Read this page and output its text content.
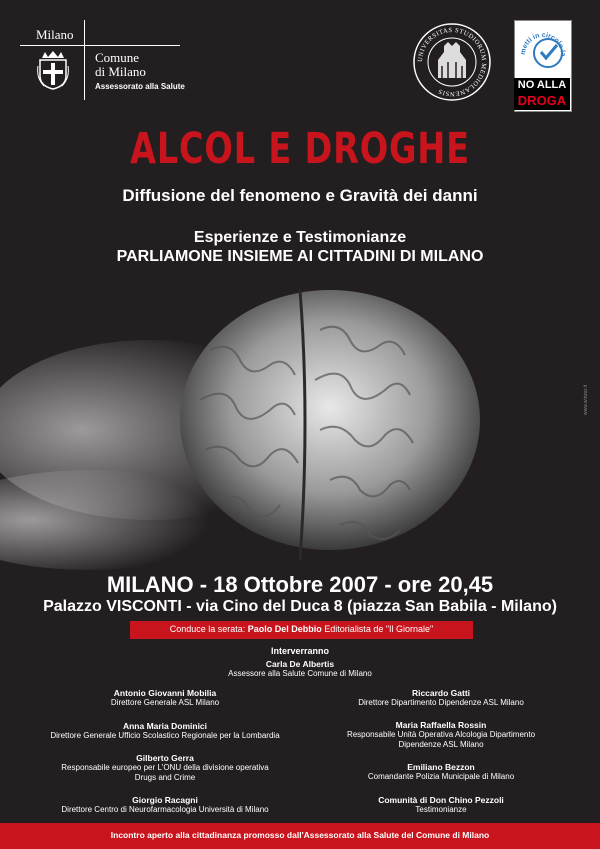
Milano
Comune
di Milano
Assessorato alla Salute
UNIVERSITAS STUDIORUM MEDIOLANENSIS
metti in circolo la
NO ALLA
DROGA
ALCOL E DROGHE
Diffusione del fenomeno e Gravità dei danni
Esperienze e Testimonianze
PARLIAMONE INSIEME AI CITTADINI DI MILANO
www.winzar.it
MILANO - 18 Ottobre 2007 - ore 20,45
Palazzo VISCONTI - via Cino del Duca 8 (piazza San Babila - Milano)
Conduce la serata: Paolo Del Debbio Editorialista de "Il Giornale"
Interverranno
Carla De Albertis
Assessore alla Salute Comune di Milano
Antonio Giovanni Mobilia
Direttore Generale ASL Milano
Anna Maria Dominici
Direttore Generale Ufficio Scolastico Regionale per la Lombardia
Gilberto Gerra
Responsabile europeo per L'ONU della divisione operativa
Drugs and Crime
Giorgio Racagni
Direttore Centro di Neurofarmacologia Università di Milano
Riccardo Gatti
Direttore Dipartimento Dipendenze ASL Milano
Maria Raffaella Rossin
Responsabile Unità Operativa Alcologia Dipartimento
Dipendenze ASL Milano
Emiliano Bezzon
Comandante Polizia Municipale di Milano
Comunità di Don Chino Pezzoli
Testimonianze
Incontro aperto alla cittadinanza promosso dall'Assessorato alla Salute del Comune di Milano
